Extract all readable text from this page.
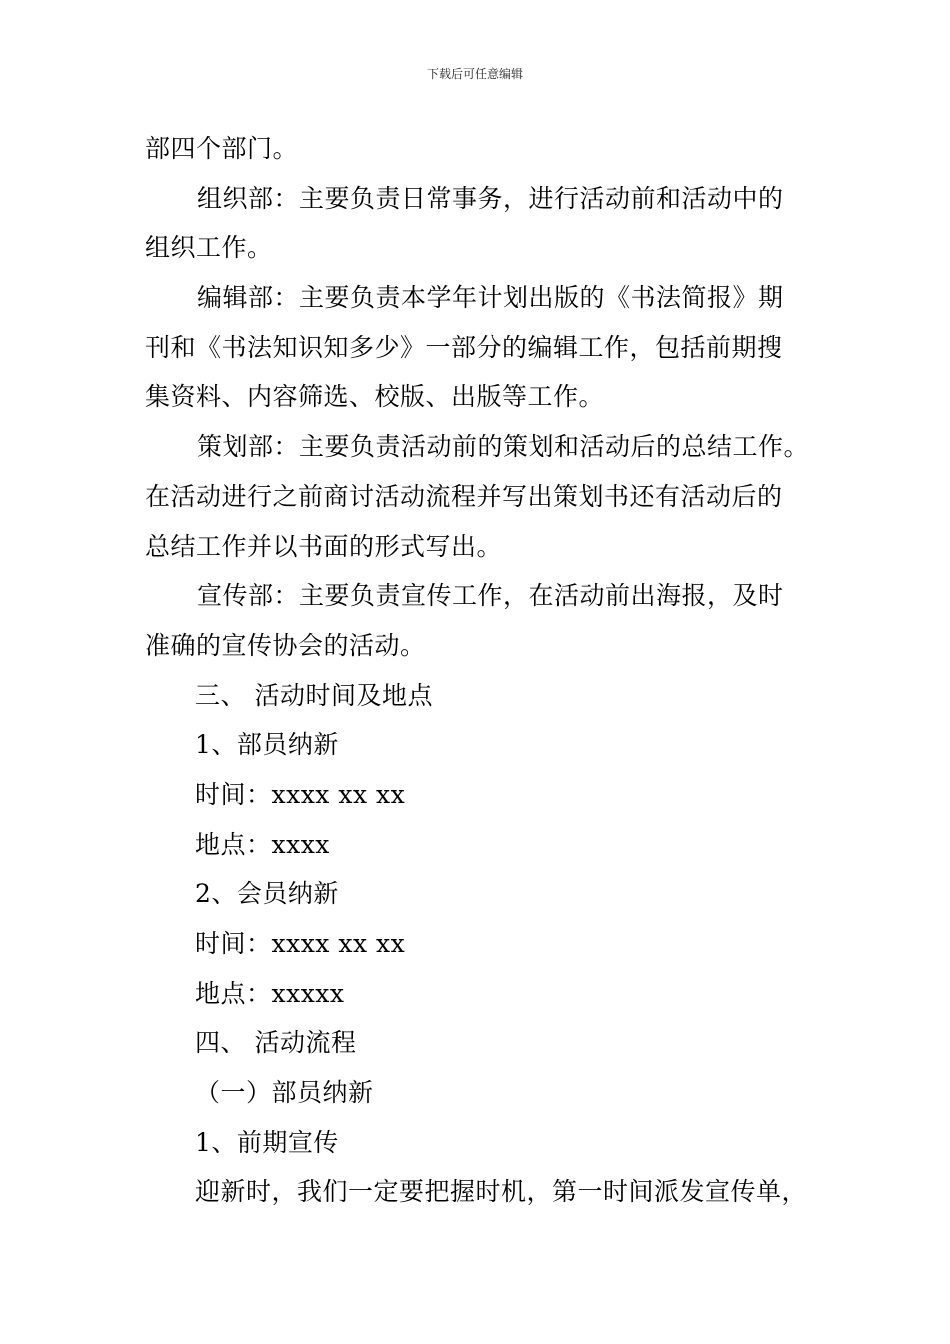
下载后可任意编辑
部四个部门。
组织部：主要负责日常事务，进行活动前和活动中的
组织工作。
编辑部：主要负责本学年计划出版的《书法简报》期
刊和《书法知识知多少》一部分的编辑工作，包括前期搜
集资料、内容筛选、校版、出版等工作。
策划部：主要负责活动前的策划和活动后的总结工作。
在活动进行之前商讨活动流程并写出策划书还有活动后的
总结工作并以书面的形式写出。
宣传部：主要负责宣传工作，在活动前出海报，及时
准确的宣传协会的活动。
三、 活动时间及地点
1、部员纳新
时间：xxxx xx xx
地点：xxxx
2、会员纳新
时间：xxxx xx xx
地点：xxxxx
四、 活动流程
（一）部员纳新
1、前期宣传
迎新时，我们一定要把握时机，第一时间派发宣传单，
